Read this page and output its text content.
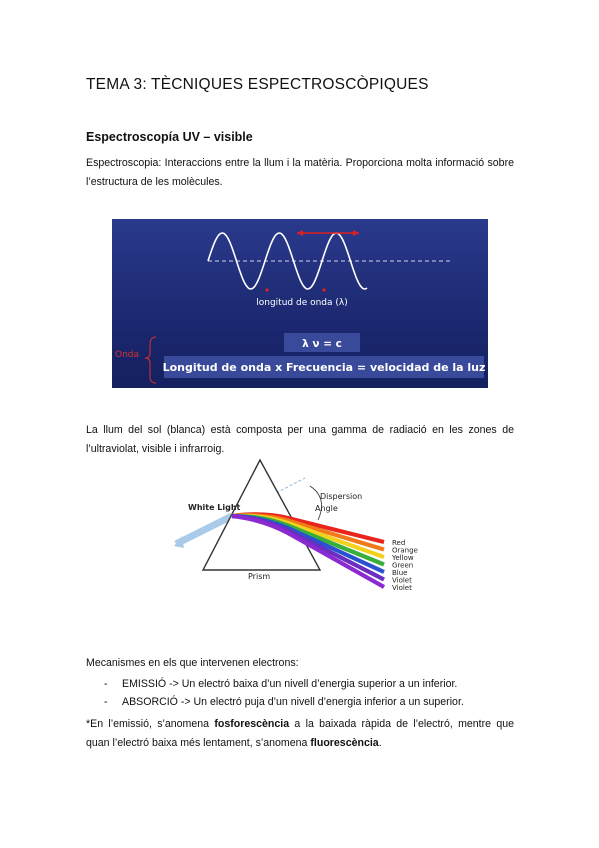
TEMA 3: TÈCNIQUES ESPECTROSCÒPIQUES
Espectroscopía UV – visible
Espectroscopia: Interaccions entre la llum i la matèria. Proporciona molta informació sobre l’estructura de les molècules.
longitud de onda (λ)
Onda
λ ν = c
Longitud de onda x Frecuencia = velocidad de la luz
La llum del sol (blanca) està composta per una gamma de radiació en les zones de l’ultraviolat, visible i infrarroig.
White Light
Dispersion
Angle
Prism
Red
Orange
Yellow
Green
Blue
Violet
Violet
Mecanismes en els que intervenen electrons:
- EMISSIÓ -> Un electró baixa d’un nivell d’energia superior a un inferior.
- ABSORCIÓ -> Un electró puja d’un nivell d’energia inferior a un superior.
*En l’emissió, s’anomena fosforescència a la baixada ràpida de l’electró, mentre que quan l’electró baixa més lentament, s’anomena fluorescència.
